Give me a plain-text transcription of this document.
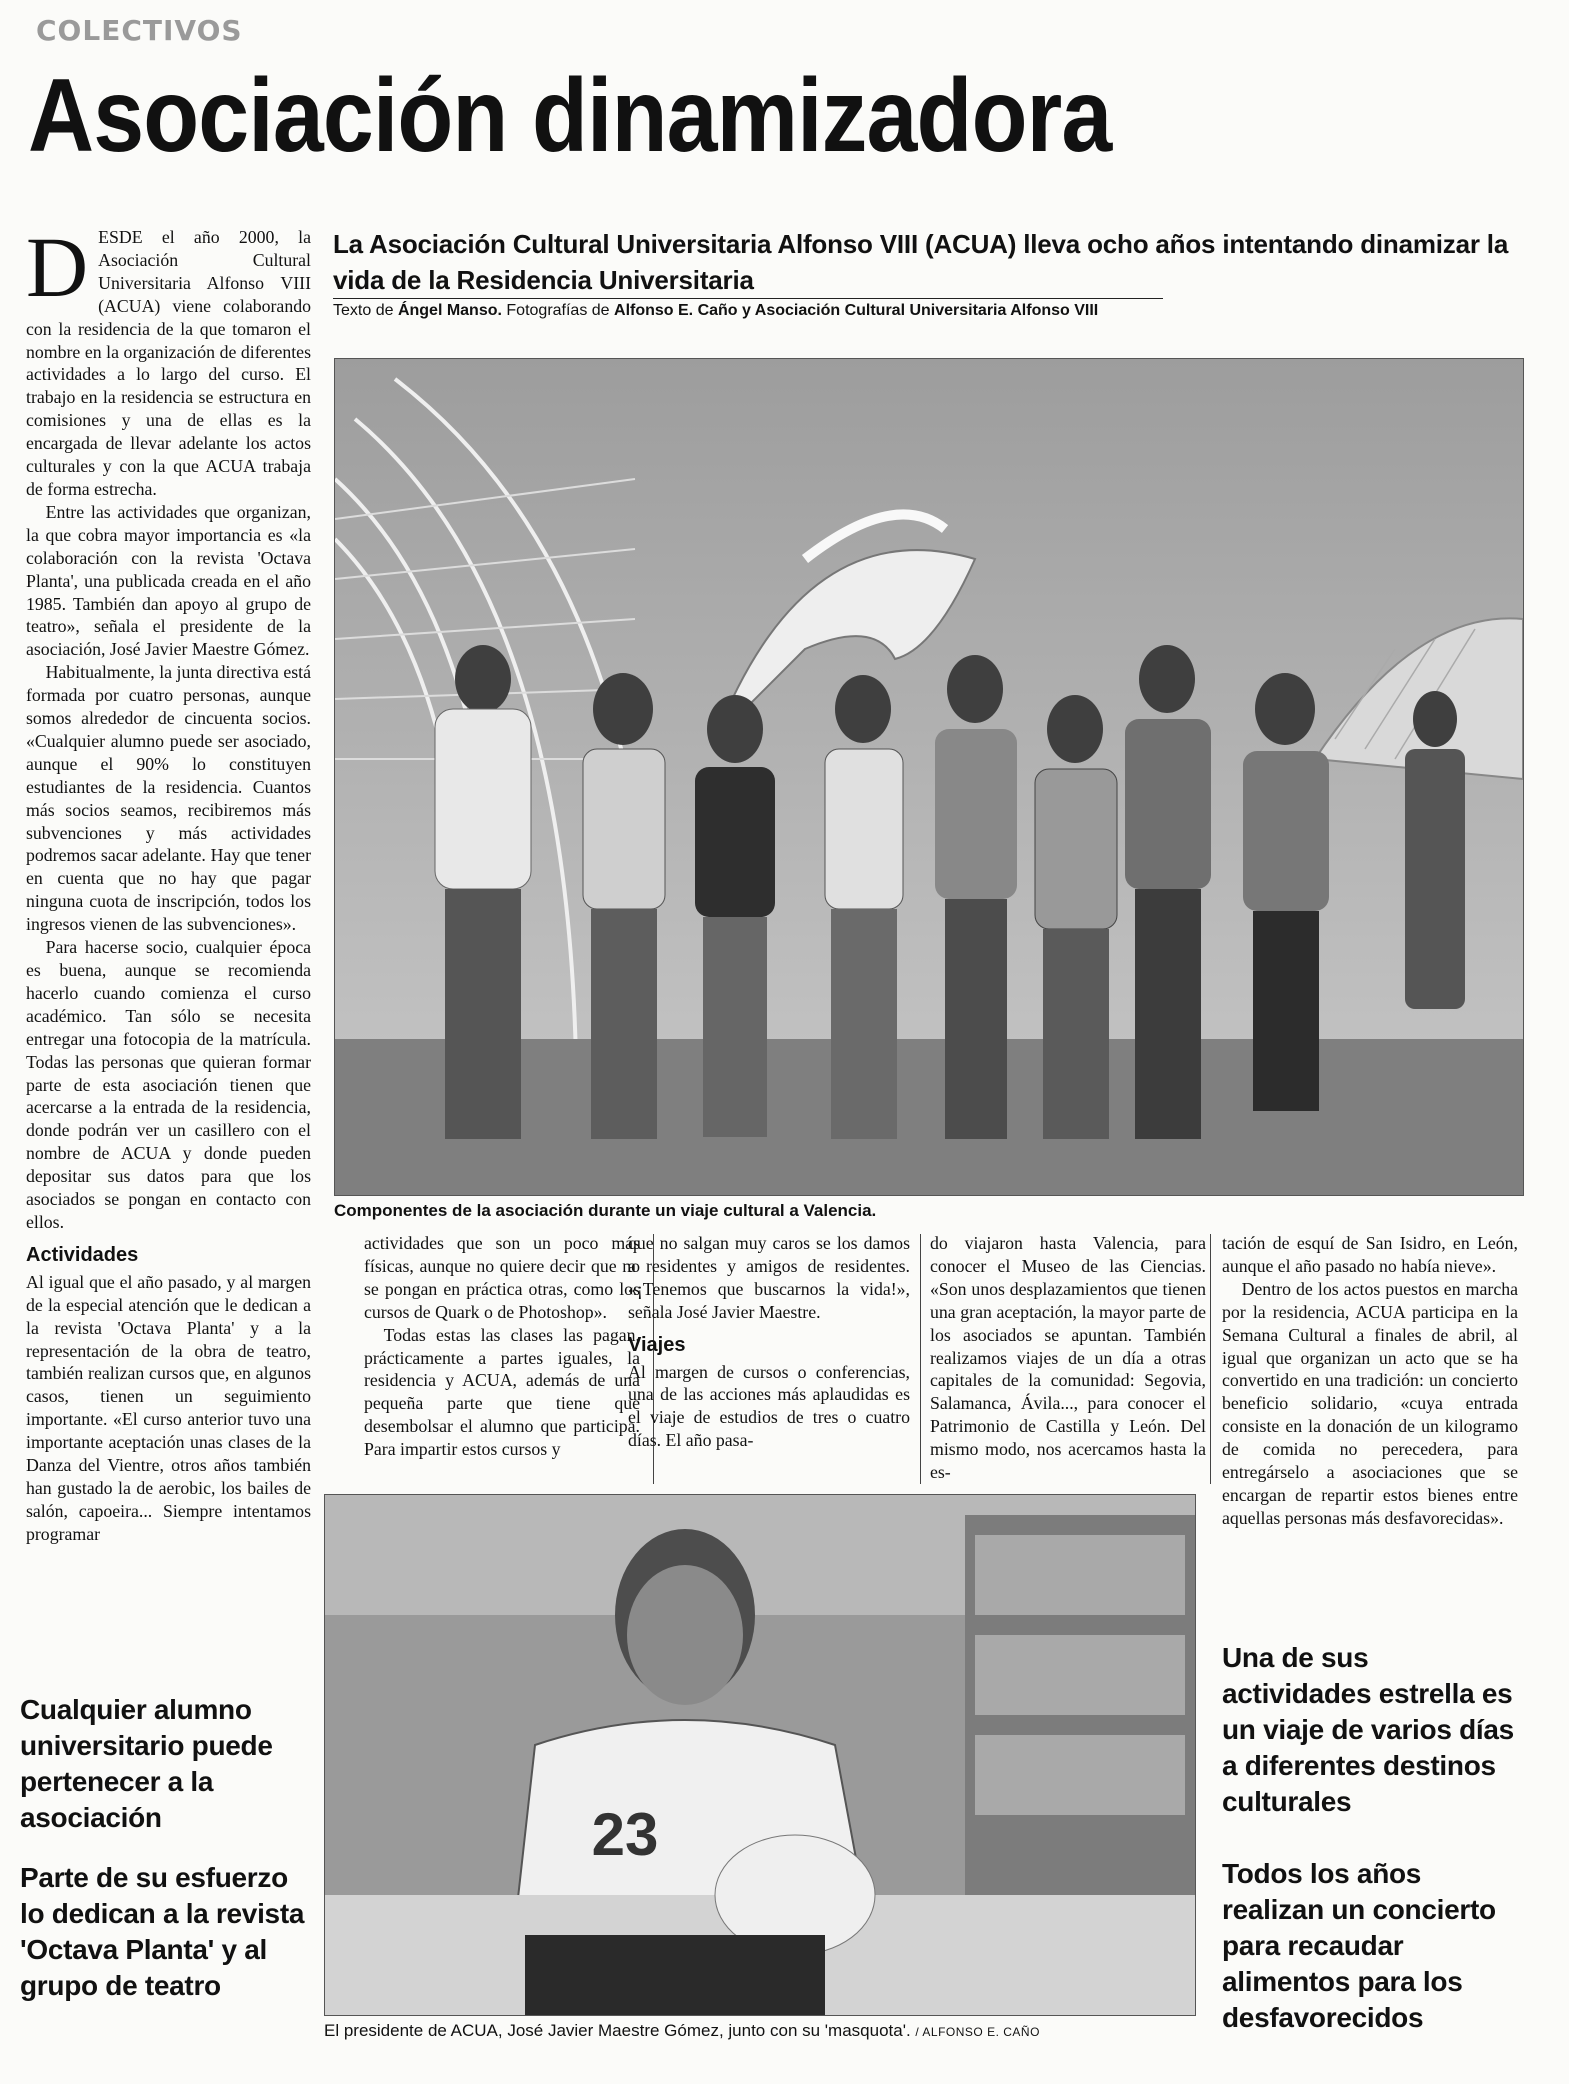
COLECTIVOS
Asociación dinamizadora
La Asociación Cultural Universitaria Alfonso VIII (ACUA) lleva ocho años intentando dinamizar la vida de la Residencia Universitaria
Texto de Ángel Manso. Fotografías de Alfonso E. Caño y Asociación Cultural Universitaria Alfonso VIII

DESDE el año 2000, la Asociación Cultural Universitaria Alfonso VIII (ACUA) viene colaborando con la residencia de la que tomaron el nombre en la organización de diferentes actividades a lo largo del curso. El trabajo en la residencia se estructura en comisiones y una de ellas es la encargada de llevar adelante los actos culturales y con la que ACUA trabaja de forma estrecha.

Entre las actividades que organizan, la que cobra mayor importancia es «la colaboración con la revista 'Octava Planta', una publicada creada en el año 1985. También dan apoyo al grupo de teatro», señala el presidente de la asociación, José Javier Maestre Gómez.

Habitualmente, la junta directiva está formada por cuatro personas, aunque somos alrededor de cincuenta socios. «Cualquier alumno puede ser asociado, aunque el 90% lo constituyen estudiantes de la residencia. Cuantos más socios seamos, recibiremos más subvenciones y más actividades podremos sacar adelante. Hay que tener en cuenta que no hay que pagar ninguna cuota de inscripción, todos los ingresos vienen de las subvenciones».

Para hacerse socio, cualquier época es buena, aunque se recomienda hacerlo cuando comienza el curso académico. Tan sólo se necesita entregar una fotocopia de la matrícula. Todas las personas que quieran formar parte de esta asociación tienen que acercarse a la entrada de la residencia, donde podrán ver un casillero con el nombre de ACUA y donde pueden depositar sus datos para que los asociados se pongan en contacto con ellos.

Actividades

Al igual que el año pasado, y al margen de la especial atención que le dedican a la revista 'Octava Planta' y a la representación de la obra de teatro, también realizan cursos que, en algunos casos, tienen un seguimiento importante. «El curso anterior tuvo una importante aceptación unas clases de la Danza del Vientre, otros años también han gustado la de aerobic, los bailes de salón, capoeira... Siempre intentamos programar

Cualquier alumno universitario puede pertenecer a la asociación
Parte de su esfuerzo lo dedican a la revista 'Octava Planta' y al grupo de teatro
Componentes de la asociación durante un viaje cultural a Valencia.

actividades que son un poco más físicas, aunque no quiere decir que no se pongan en práctica otras, como los cursos de Quark o de Photoshop».

Todas estas las clases las pagan, prácticamente a partes iguales, la residencia y ACUA, además de una pequeña parte que tiene que desembolsar el alumno que participa. Para impartir estos cursos y

que no salgan muy caros se los damos a residentes y amigos de residentes. «¡Tenemos que buscarnos la vida!», señala José Javier Maestre.

Viajes

Al margen de cursos o conferencias, una de las acciones más aplaudidas es el viaje de estudios de tres o cuatro días. El año pasa-

do viajaron hasta Valencia, para conocer el Museo de las Ciencias. «Son unos desplazamientos que tienen una gran aceptación, la mayor parte de los asociados se apuntan. También realizamos viajes de un día a otras capitales de la comunidad: Segovia, Salamanca, Ávila..., para conocer el Patrimonio de Castilla y León. Del mismo modo, nos acercamos hasta la es-

tación de esquí de San Isidro, en León, aunque el año pasado no había nieve».

Dentro de los actos puestos en marcha por la residencia, ACUA participa en la Semana Cultural a finales de abril, al igual que organizan un acto que se ha convertido en una tradición: un concierto beneficio solidario, «cuya entrada consiste en la donación de un kilogramo de comida no perecedera, para entregárselo a asociaciones que se encargan de repartir estos bienes entre aquellas personas más desfavorecidas».

23
El presidente de ACUA, José Javier Maestre Gómez, junto con su 'masquota'. / ALFONSO E. CAÑO
Una de sus actividades estrella es un viaje de varios días a diferentes destinos culturales
Todos los años realizan un concierto para recaudar alimentos para los desfavorecidos
